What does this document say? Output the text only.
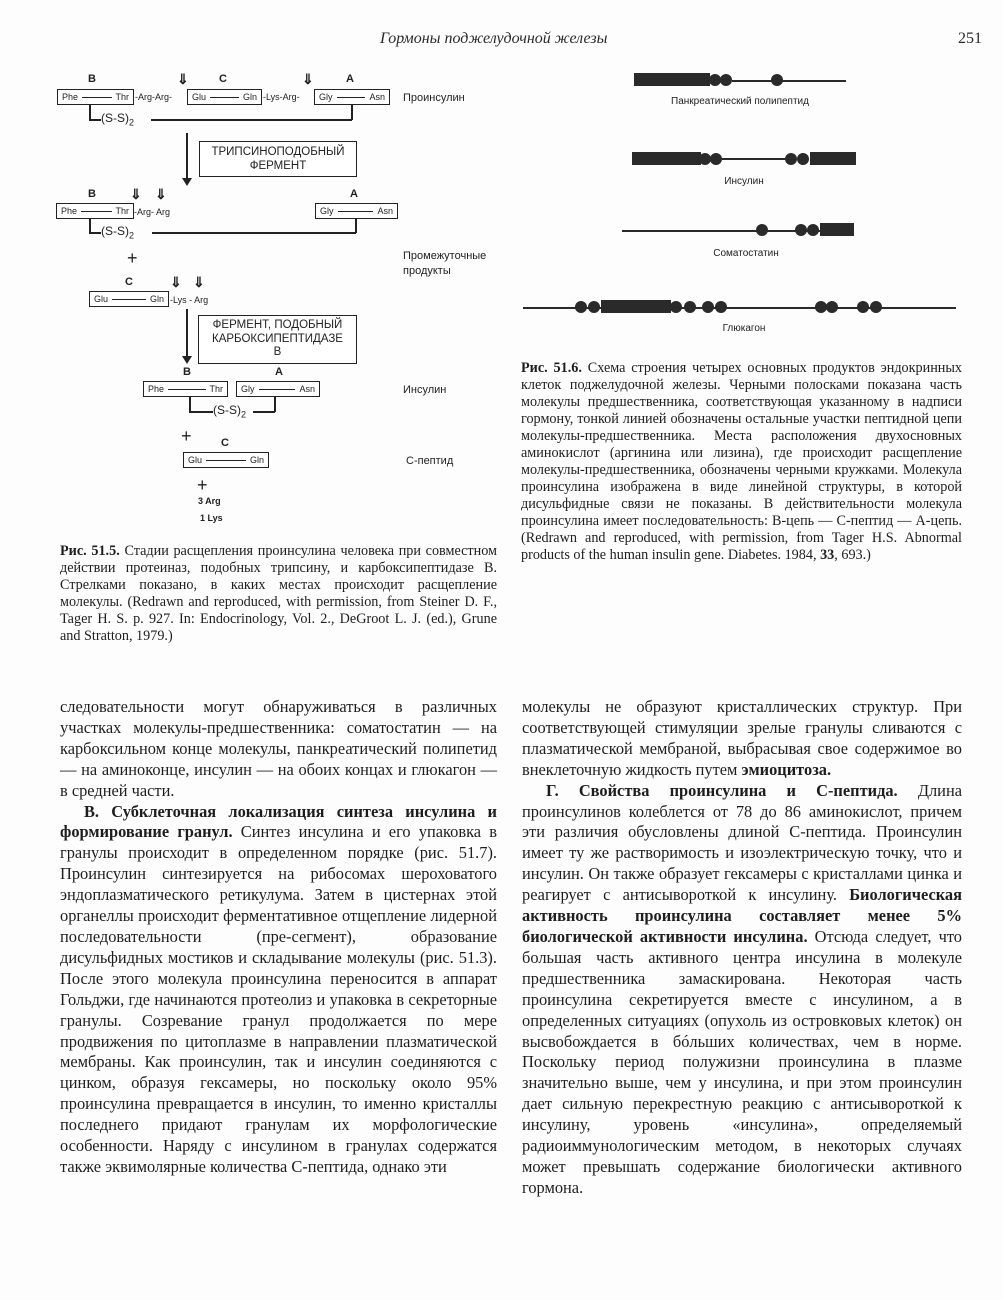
Гормоны поджелудочной железы	251
B	⇓	C	⇓	A
Phe	Thr -Arg-Arg- Glu	Gln -Lys-Arg- Gly	Asn Проинсулин
$(S-S)_2$
ТРИПСИНОПОДОБНЫЙ
ФЕРМЕНТ
B ⇓ ⇓	A
Phe	Thr -Arg- Arg	Gly	Asn
$(S-S)_2$
+	Промежуточные
продукты
C	⇓ ⇓
Glu	Gln -Lys - Arg
ФЕРМЕНТ, ПОДОБНЫЙ
КАРБОКСИПЕПТИДАЗЕ
B
B	A
Phe	Thr Gly	Asn	Инсулин
$(S-S)_2$
+	C
Glu	Gln	С-пептид
+
3 Arg
1 Lys
Рис. 51.5. Стадии расщепления проинсулина человека при совместном действии протеиназ, подобных трипсину, и карбоксипептидазе В. Стрелками показано, в каких местах происходит расщепление молекулы. (Redrawn and reproduced, with permission, from Steiner D. F., Tager H. S. p. 927. In: Endocrinology, Vol. 2., DeGroot L. J. (ed.), Grune and Stratton, 1979.)
Панкреатический полипептид
Инсулин
Соматостатин
Глюкагон
Рис. 51.6. Схема строения четырех основных продуктов эндокринных клеток поджелудочной железы. Черными полосками показана часть молекулы предшественника, соответствующая указанному в надписи гормону, тонкой линией обозначены остальные участки пептидной цепи молекулы-предшественника. Места расположения двухосновных аминокислот (аргинина или лизина), где происходит расщепление молекулы-предшественника, обозначены черными кружками. Молекула проинсулина изображена в виде линейной структуры, в которой дисульфидные связи не показаны. В действительности молекула проинсулина имеет последовательность: В-цепь — С-пептид — А-цепь. (Redrawn and reproduced, with permission, from Tager H.S. Abnormal products of the human insulin gene. Diabetes. 1984, 33, 693.)

следовательности могут обнаруживаться в различных участках молекулы-предшественника: соматостатин — на карбоксильном конце молекулы, панкреатический полипетид — на аминоконце, инсулин — на обоих концах и глюкагон — в средней части.

В. Субклеточная локализация синтеза инсулина и формирование гранул. Синтез инсулина и его упаковка в гранулы происходит в определенном порядке (рис. 51.7). Проинсулин синтезируется на рибосомах шероховатого эндоплазматического ретикулума. Затем в цистернах этой органеллы происходит ферментативное отщепление лидерной последовательности (пре-сегмент), образование дисульфидных мостиков и складывание молекулы (рис. 51.3). После этого молекула проинсулина переносится в аппарат Гольджи, где начинаются протеолиз и упаковка в секреторные гранулы. Созревание гранул продолжается по мере продвижения по цитоплазме в направлении плазматической мембраны. Как проинсулин, так и инсулин соединяются с цинком, образуя гексамеры, но поскольку около 95% проинсулина превращается в инсулин, то именно кристаллы последнего придают гранулам их морфологические особенности. Наряду с инсулином в гранулах содержатся также эквимолярные количества С-пептида, однако эти

молекулы не образуют кристаллических структур. При соответствующей стимуляции зрелые гранулы сливаются с плазматической мембраной, выбрасывая свое содержимое во внеклеточную жидкость путем эмиоцитоза.

Г. Свойства проинсулина и С-пептида. Длина проинсулинов колеблется от 78 до 86 аминокислот, причем эти различия обусловлены длиной С-пептида. Проинсулин имеет ту же растворимость и изоэлектрическую точку, что и инсулин. Он также образует гексамеры с кристаллами цинка и реагирует с антисывороткой к инсулину. Биологическая активность проинсулина составляет менее 5% биологической активности инсулина. Отсюда следует, что большая часть активного центра инсулина в молекуле предшественника замаскирована. Некоторая часть проинсулина секретируется вместе с инсулином, а в определенных ситуациях (опухоль из островковых клеток) он высвобождается в бóльших количествах, чем в норме. Поскольку период полужизни проинсулина в плазме значительно выше, чем у инсулина, и при этом проинсулин дает сильную перекрестную реакцию с антисывороткой к инсулину, уровень «инсулина», определяемый радиоиммунологическим методом, в некоторых случаях может превышать содержание биологически активного гормона.
